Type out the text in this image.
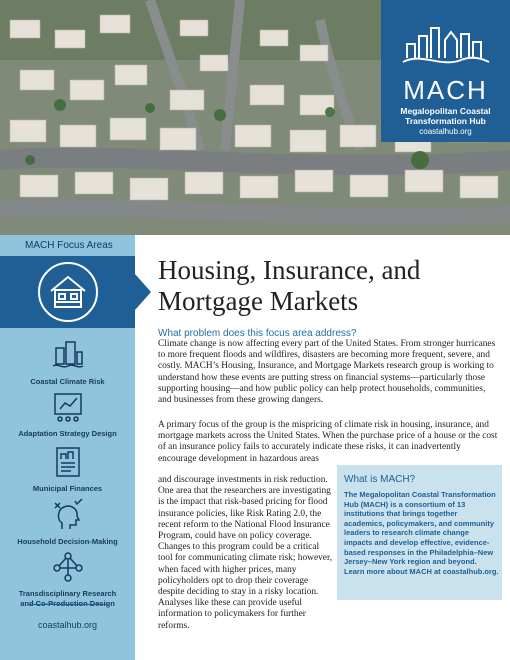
MACH
Megalopolitan Coastal
Transformation Hub
coastalhub.org
MACH Focus Areas
Coastal Climate Risk
Adaptation Strategy Design
Municipal Finances
Household Decision-Making
Transdisciplinary Research
and Co-Production Design
coastalhub.org
Housing, Insurance, and
Mortgage Markets
What problem does this focus area address?
Climate change is now affecting every part of the United States. From stronger hurricanes to more frequent floods and wildfires, disasters are becoming more frequent, severe, and costly. MACH’s Housing, Insurance, and Mortgage Markets research group is working to understand how these events are putting stress on financial systems—particularly those supporting housing—and how public policy can help protect households, communities, and businesses from these growing dangers.
A primary focus of the group is the mispricing of climate risk in housing, insurance, and mortgage markets across the United States. When the purchase price of a house or the cost of an insurance policy fails to accurately indicate these risks, it can inadvertently encourage development in hazardous areas
and discourage investments in risk reduction. One area that the researchers are investigating is the impact that risk-based pricing for flood insurance policies, like Risk Rating 2.0, the recent reform to the National Flood Insurance Program, could have on policy coverage. Changes to this program could be a critical tool for communicating climate risk; however, when faced with higher prices, many policyholders opt to drop their coverage despite deciding to stay in a risky location. Analyses like these can provide useful information to policymakers for further reforms.
What is MACH?
The Megalopolitan Coastal Transformation Hub (MACH) is a consortium of 13 institutions that brings together academics, policymakers, and community leaders to research climate change impacts and develop effective, evidence-based responses in the Philadelphia–New Jersey–New York region and beyond. Learn more about MACH at coastalhub.org.
